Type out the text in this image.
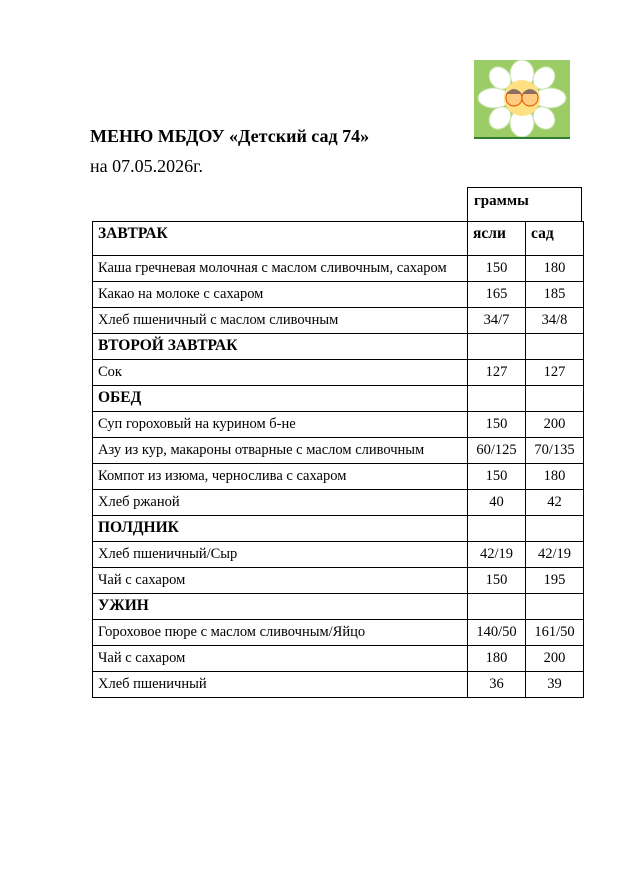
МЕНЮ МБДОУ «Детский сад 74»
на 07.05.2026г.
граммы
ЗАВТРАК	ясли	сад
Каша гречневая молочная с маслом сливочным, сахаром	150	180
Какао на молоке с сахаром	165	185
Хлеб пшеничный с маслом сливочным	34/7	34/8
ВТОРОЙ ЗАВТРАК		
Сок	127	127
ОБЕД		
Суп гороховый на курином б-не	150	200
Азу из кур, макароны отварные с маслом сливочным	60/125	70/135
Компот из изюма, чернослива с сахаром	150	180
Хлеб ржаной	40	42
ПОЛДНИК		
Хлеб пшеничный/Сыр	42/19	42/19
Чай с сахаром	150	195
УЖИН		
Гороховое пюре с маслом сливочным/Яйцо	140/50	161/50
Чай с сахаром	180	200
Хлеб пшеничный	36	39
